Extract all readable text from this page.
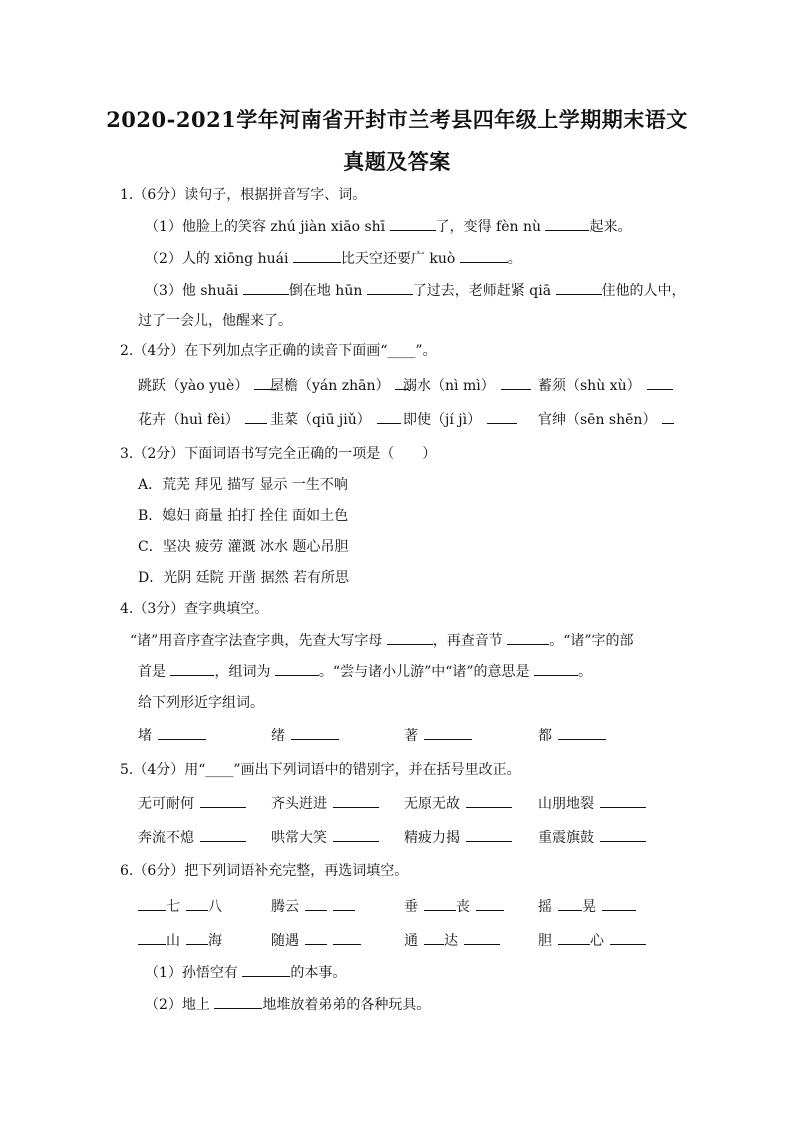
2020-2021学年河南省开封市兰考县四年级上学期期末语文
真题及答案
1.（6分）读句子，根据拼音写字、词。
（1）他脸上的笑容 zhú jiàn xiāo shī	了，变得 fèn nù	起来。
（2）人的 xiōng huái	比天空还要广 kuò	。
（3）他 shuāi	倒在地 hūn	了过去，老师赶紧 qiā	住他的人中，
过了一会儿，他醒来了。
2.（4分）在下列加点字正确的读音下面画“____”。
跳跃（yào yuè）	屋檐（yán zhān） 溺水（nì mì）	蓄须（shù xù）
花卉（huì fèi）	韭菜（qiū jiǔ）	即使（jí jì）	官绅（sēn shēn）
3.（2分）下面词语书写完全正确的一项是（　　）
A．荒芜 拜见 描写 显示 一生不响
B．媳妇 商量 拍打 拴住 面如土色
C．坚决 疲劳 灌溉 冰水 题心吊胆
D．光阴 廷院 开凿 据然 若有所思
4.（3分）查字典填空。
“诸”用音序查字法查字典，先查大写字母	，再查音节	。“诸”字的部
首是	，组词为	。“尝与诸小儿游”中“诸”的意思是	。
给下列形近字组词。
堵	绪	著	都
5.（4分）用“____”画出下列词语中的错别字，并在括号里改正。
无可耐何	齐头逬进	无原无故	山朋地裂
奔流不熄	哄常大笑	精疲力揭	重震旗鼓
6.（6分）把下列词语补充完整，再选词填空。
七 八	腾云	垂	丧	摇 晃
山 海	随遇	通 达	胆	心
（1）孙悟空有	的本事。
（2）地上	地堆放着弟弟的各种玩具。
